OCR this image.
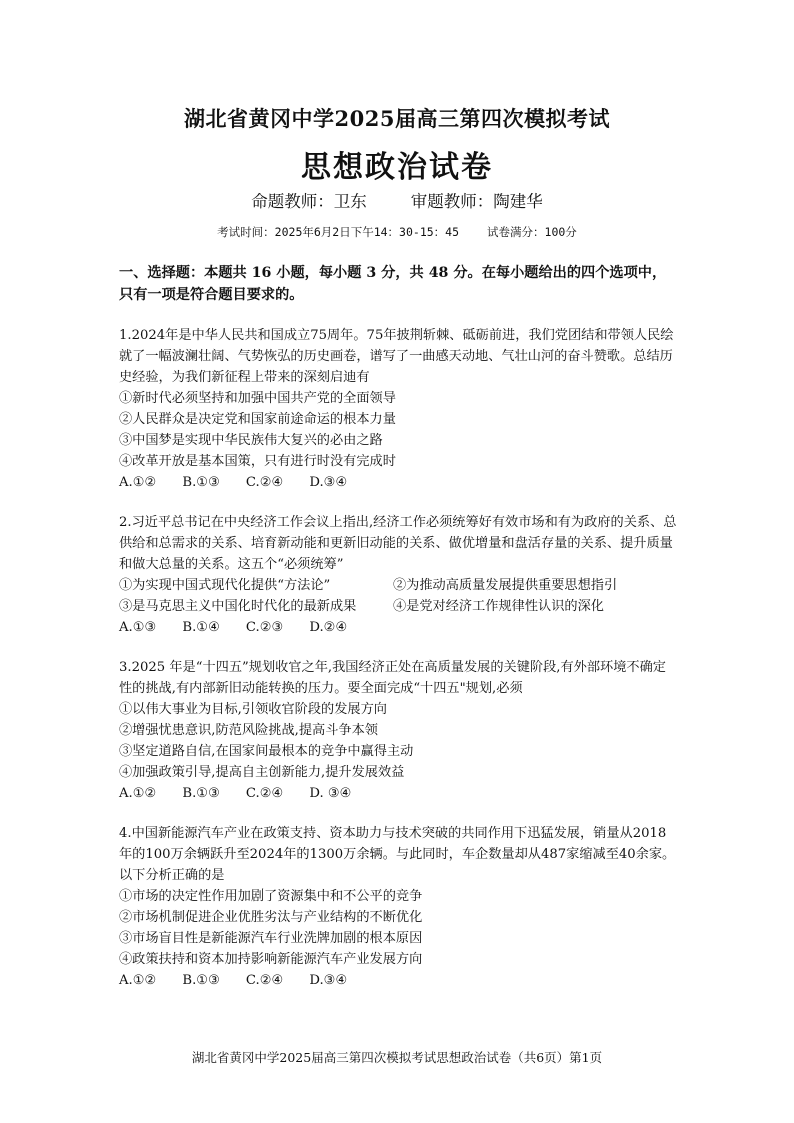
湖北省黄冈中学2025届高三第四次模拟考试
思想政治试卷
命题教师：卫东	审题教师：陶建华
考试时间：2025年6月2日下午14：30-15：45 试卷满分：100分
一、选择题：本题共 16 小题，每小题 3 分，共 48 分。在每小题给出的四个选项中，只有一项是符合题目要求的。

1.2024年是中华人民共和国成立75周年。75年披荆斩棘、砥砺前进，我们党团结和带领人民绘就了一幅波澜壮阔、气势恢弘的历史画卷，谱写了一曲感天动地、气壮山河的奋斗赞歌。总结历史经验，为我们新征程上带来的深刻启迪有

①新时代必须坚持和加强中国共产党的全面领导

②人民群众是决定党和国家前途命运的根本力量

③中国梦是实现中华民族伟大复兴的必由之路

④改革开放是基本国策，只有进行时没有完成时

A.①② B.①③ C.②④ D.③④

2.习近平总书记在中央经济工作会议上指出,经济工作必须统筹好有效市场和有为政府的关系、总供给和总需求的关系、培育新动能和更新旧动能的关系、做优增量和盘活存量的关系、提升质量和做大总量的关系。这五个“必须统筹”

①为实现中国式现代化提供“方法论”	②为推动高质量发展提供重要思想指引
③是马克思主义中国化时代化的最新成果	④是党对经济工作规律性认识的深化
A.①③ B.①④ C.②③ D.②④

3.2025 年是“十四五”规划收官之年,我国经济正处在高质量发展的关键阶段,有外部环境不确定性的挑战,有内部新旧动能转换的压力。要全面完成“十四五"规划,必须

①以伟大事业为目标,引领收官阶段的发展方向

②增强忧患意识,防范风险挑战,提高斗争本领

③坚定道路自信,在国家间最根本的竞争中赢得主动

④加强政策引导,提高自主创新能力,提升发展效益

A.①② B.①③ C.②④ D. ③④

4.中国新能源汽车产业在政策支持、资本助力与技术突破的共同作用下迅猛发展，销量从2018年的100万余辆跃升至2024年的1300万余辆。与此同时，车企数量却从487家缩减至40余家。以下分析正确的是

①市场的决定性作用加剧了资源集中和不公平的竞争

②市场机制促进企业优胜劣汰与产业结构的不断优化

③市场盲目性是新能源汽车行业洗牌加剧的根本原因

④政策扶持和资本加持影响新能源汽车产业发展方向

A.①② B.①③ C.②④ D.③④
湖北省黄冈中学2025届高三第四次模拟考试思想政治试卷（共6页）第1页
